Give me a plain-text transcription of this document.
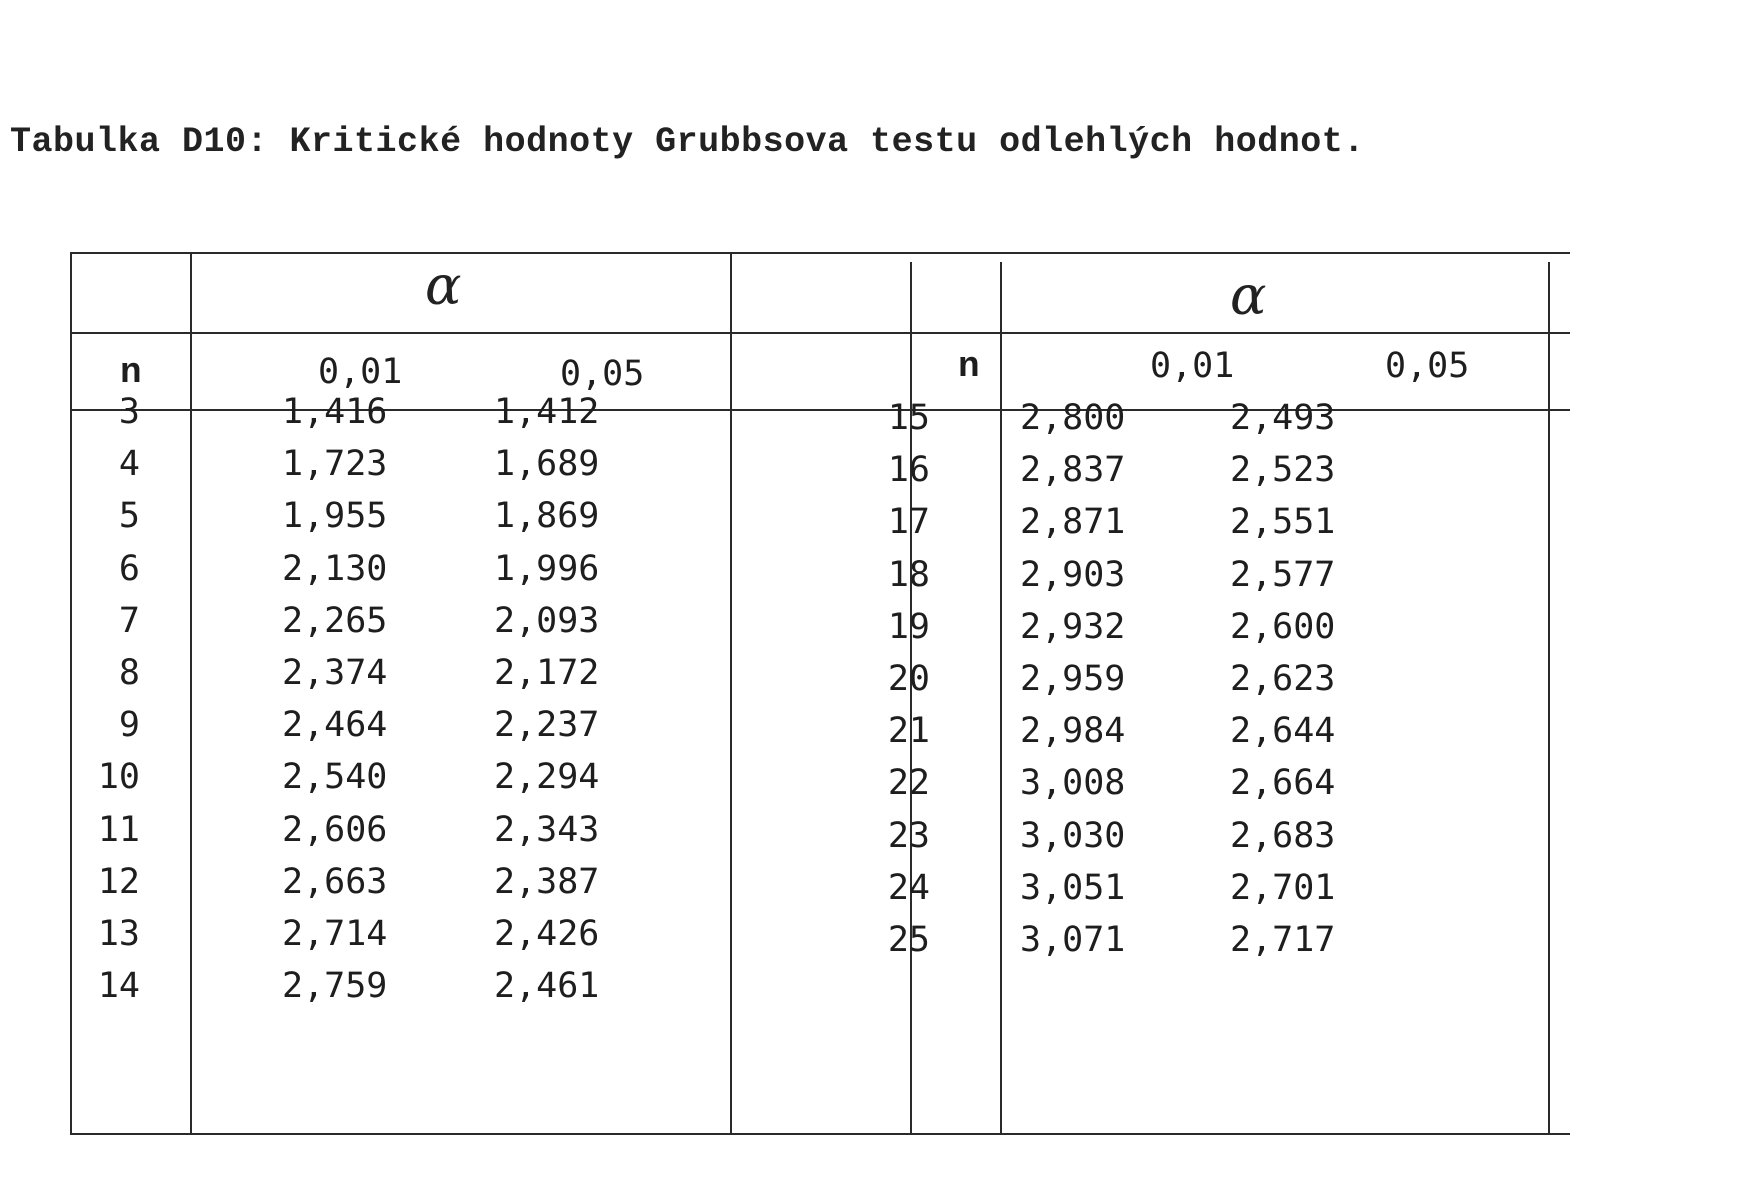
Tabulka D10: Kritické hodnoty Grubbsova testu odlehlých hodnot.
α
n	0,01	0,05
α
n	0,01	0,05
3	1,416	1,412
4	1,723	1,689
5	1,955	1,869
6	2,130	1,996
7	2,265	2,093
8	2,374	2,172
9	2,464	2,237
10	2,540	2,294
11	2,606	2,343
12	2,663	2,387
13	2,714	2,426
14	2,759	2,461
15	2,800	2,493
16	2,837	2,523
17	2,871	2,551
18	2,903	2,577
19	2,932	2,600
20	2,959	2,623
21	2,984	2,644
22	3,008	2,664
23	3,030	2,683
24	3,051	2,701
25	3,071	2,717
